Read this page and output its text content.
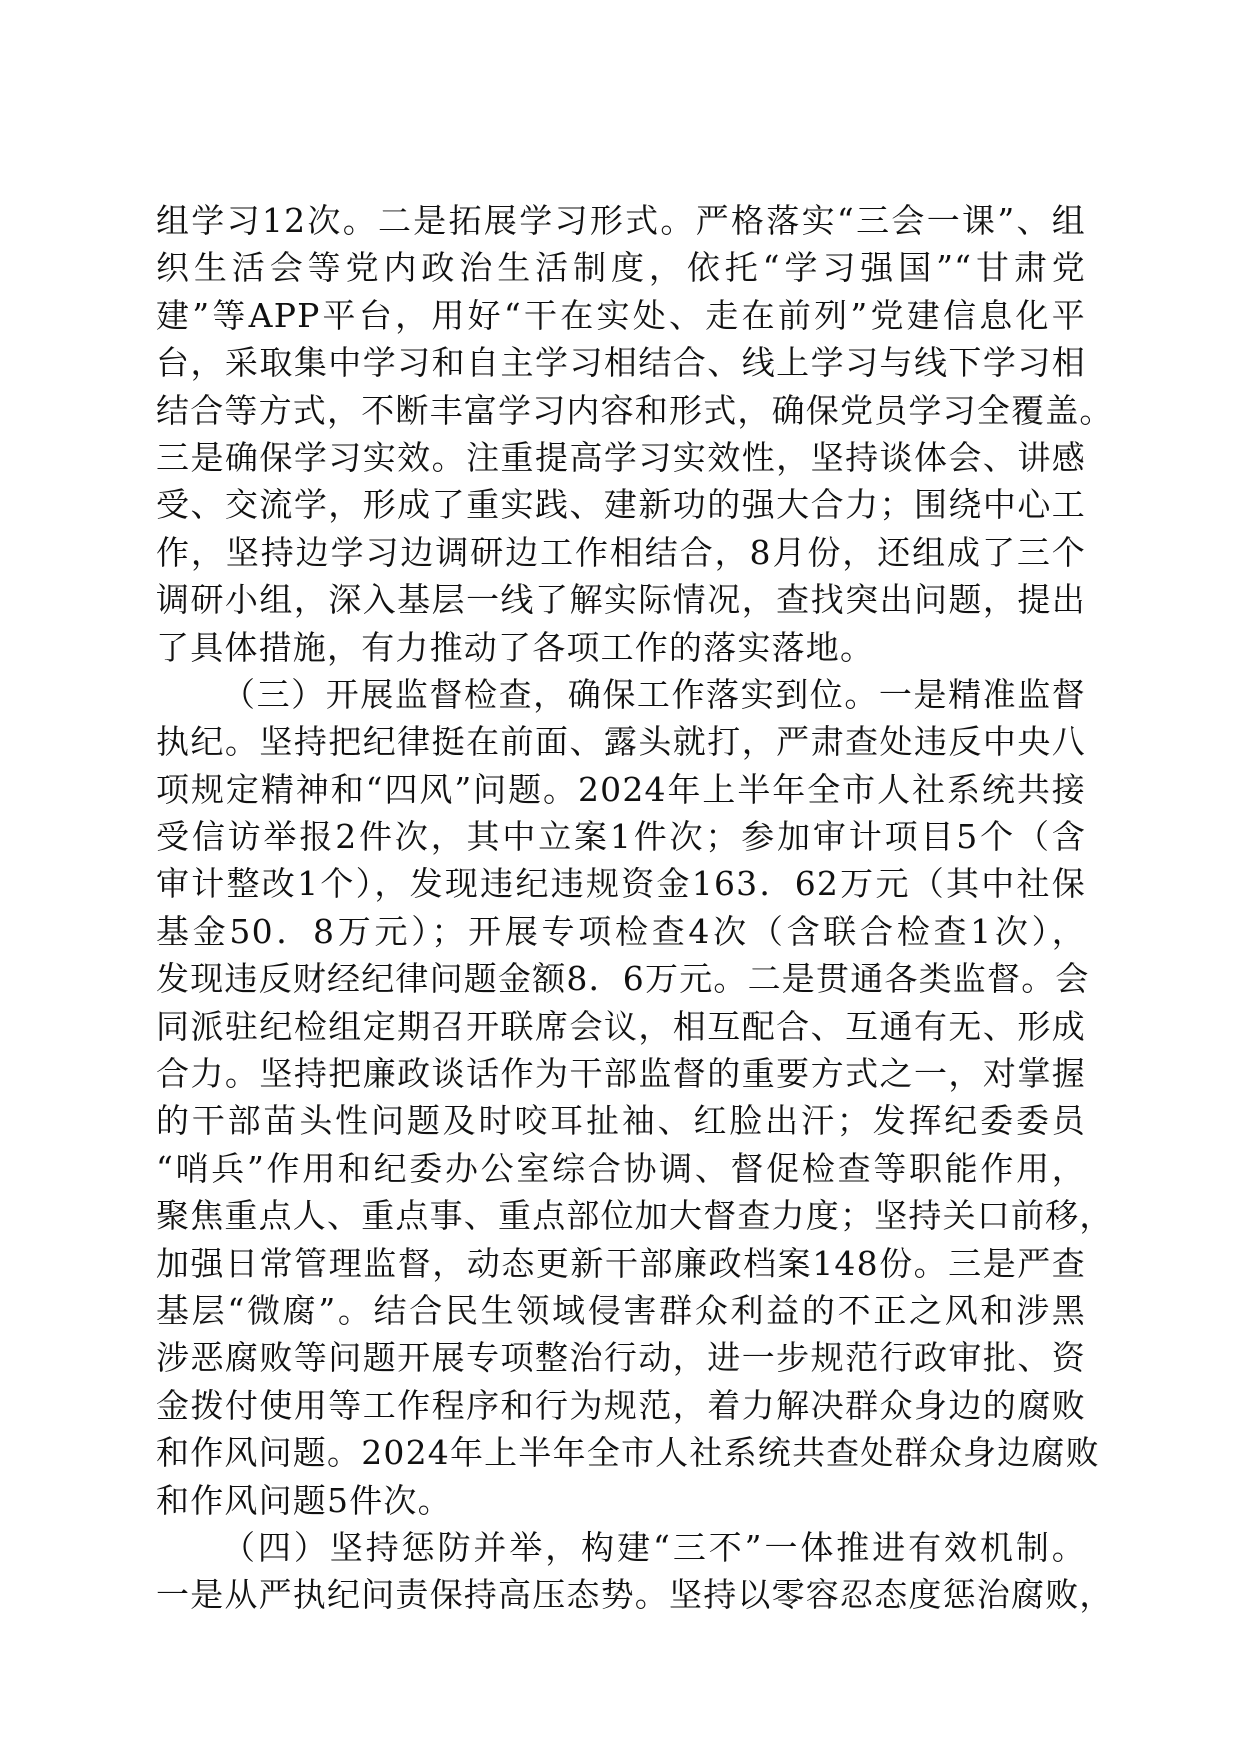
组学习12次。二是拓展学习形式。严格落实“三会一课”、组
织生活会等党内政治生活制度，依托“学习强国”“甘肃党
建”等APP平台，用好“干在实处、走在前列”党建信息化平
台，采取集中学习和自主学习相结合、线上学习与线下学习相
结合等方式，不断丰富学习内容和形式，确保党员学习全覆盖。
三是确保学习实效。注重提高学习实效性，坚持谈体会、讲感
受、交流学，形成了重实践、建新功的强大合力；围绕中心工
作，坚持边学习边调研边工作相结合，8月份，还组成了三个
调研小组，深入基层一线了解实际情况，查找突出问题，提出
了具体措施，有力推动了各项工作的落实落地。
（三）开展监督检查，确保工作落实到位。一是精准监督
执纪。坚持把纪律挺在前面、露头就打，严肃查处违反中央八
项规定精神和“四风”问题。2024年上半年全市人社系统共接
受信访举报2件次，其中立案1件次；参加审计项目5个（含
审计整改1个），发现违纪违规资金163．62万元（其中社保
基金50．8万元）；开展专项检查4次（含联合检查1次），
发现违反财经纪律问题金额8．6万元。二是贯通各类监督。会
同派驻纪检组定期召开联席会议，相互配合、互通有无、形成
合力。坚持把廉政谈话作为干部监督的重要方式之一，对掌握
的干部苗头性问题及时咬耳扯袖、红脸出汗；发挥纪委委员
“哨兵”作用和纪委办公室综合协调、督促检查等职能作用，
聚焦重点人、重点事、重点部位加大督查力度；坚持关口前移，
加强日常管理监督，动态更新干部廉政档案148份。三是严查
基层“微腐”。结合民生领域侵害群众利益的不正之风和涉黑
涉恶腐败等问题开展专项整治行动，进一步规范行政审批、资
金拨付使用等工作程序和行为规范，着力解决群众身边的腐败
和作风问题。2024年上半年全市人社系统共查处群众身边腐败
和作风问题5件次。
（四）坚持惩防并举，构建“三不”一体推进有效机制。
一是从严执纪问责保持高压态势。坚持以零容忍态度惩治腐败，
